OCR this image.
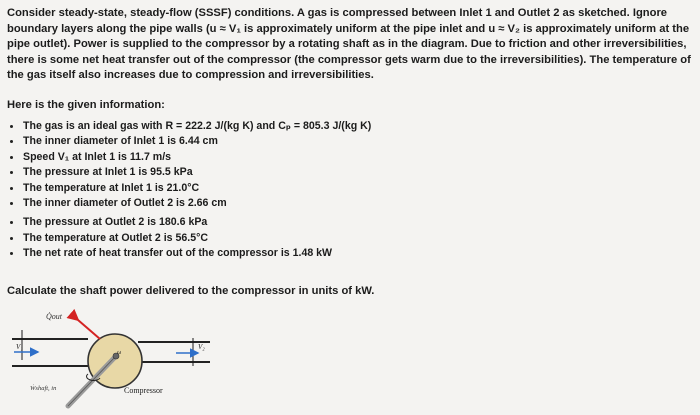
Consider steady-state, steady-flow (SSSF) conditions. A gas is compressed between Inlet 1 and Outlet 2 as sketched. Ignore boundary layers along the pipe walls (u ≈ V₁ is approximately uniform at the pipe inlet and u ≈ V₂ is approximately uniform at the pipe outlet). Power is supplied to the compressor by a rotating shaft as in the diagram. Due to friction and other irreversibilities, there is some net heat transfer out of the compressor (the compressor gets warm due to the irreversibilities). The temperature of the gas itself also increases due to compression and irreversibilities.

Here is the given information:

The gas is an ideal gas with R = 222.2 J/(kg K) and Cₚ = 805.3 J/(kg K)
The inner diameter of Inlet 1 is 6.44 cm
Speed V₁ at Inlet 1 is 11.7 m/s
The pressure at Inlet 1 is 95.5 kPa
The temperature at Inlet 1 is 21.0°C
The inner diameter of Outlet 2 is 2.66 cm
The pressure at Outlet 2 is 180.6 kPa
The temperature at Outlet 2 is 56.5°C
The net rate of heat transfer out of the compressor is 1.48 kW

Calculate the shaft power delivered to the compressor in units of kW.

V₁	V₂
ω
Q̇out
Ẇshaft, in	Compressor
